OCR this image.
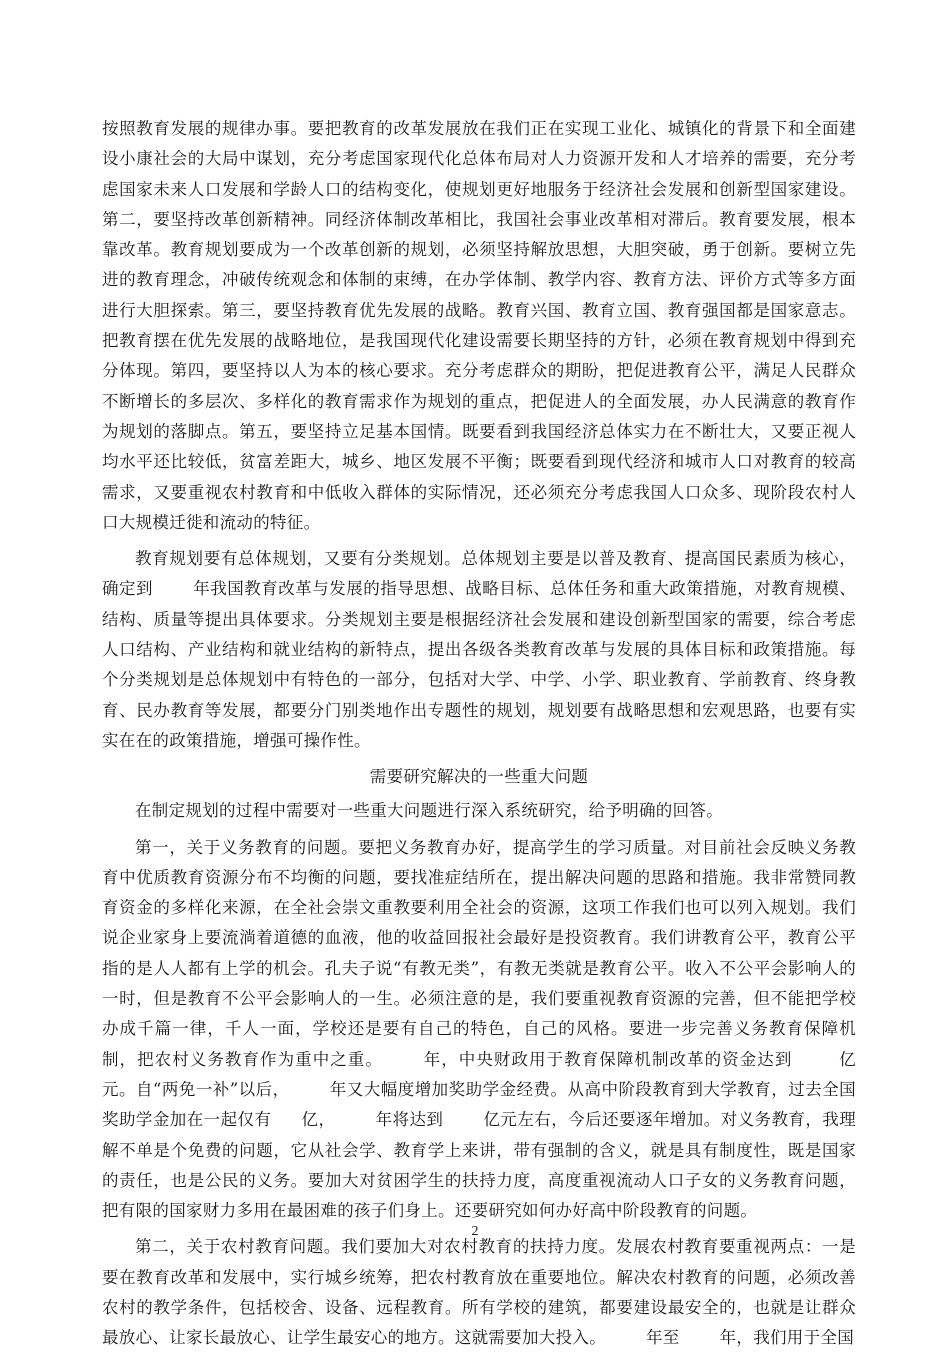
按照教育发展的规律办事。要把教育的改革发展放在我们正在实现工业化、城镇化的背景下和全面建设小康社会的大局中谋划，充分考虑国家现代化总体布局对人力资源开发和人才培养的需要，充分考虑国家未来人口发展和学龄人口的结构变化，使规划更好地服务于经济社会发展和创新型国家建设。第二，要坚持改革创新精神。同经济体制改革相比，我国社会事业改革相对滞后。教育要发展，根本靠改革。教育规划要成为一个改革创新的规划，必须坚持解放思想，大胆突破，勇于创新。要树立先进的教育理念，冲破传统观念和体制的束缚，在办学体制、教学内容、教育方法、评价方式等多方面进行大胆探索。第三，要坚持教育优先发展的战略。教育兴国、教育立国、教育强国都是国家意志。把教育摆在优先发展的战略地位，是我国现代化建设需要长期坚持的方针，必须在教育规划中得到充分体现。第四，要坚持以人为本的核心要求。充分考虑群众的期盼，把促进教育公平，满足人民群众不断增长的多层次、多样化的教育需求作为规划的重点，把促进人的全面发展，办人民满意的教育作为规划的落脚点。第五，要坚持立足基本国情。既要看到我国经济总体实力在不断壮大，又要正视人均水平还比较低，贫富差距大，城乡、地区发展不平衡；既要看到现代经济和城市人口对教育的较高需求，又要重视农村教育和中低收入群体的实际情况，还必须充分考虑我国人口众多、现阶段农村人口大规模迁徙和流动的特征。

教育规划要有总体规划，又要有分类规划。总体规划主要是以普及教育、提高国民素质为核心，确定到 年我国教育改革与发展的指导思想、战略目标、总体任务和重大政策措施，对教育规模、结构、质量等提出具体要求。分类规划主要是根据经济社会发展和建设创新型国家的需要，综合考虑人口结构、产业结构和就业结构的新特点，提出各级各类教育改革与发展的具体目标和政策措施。每个分类规划是总体规划中有特色的一部分，包括对大学、中学、小学、职业教育、学前教育、终身教育、民办教育等发展，都要分门别类地作出专题性的规划，规划要有战略思想和宏观思路，也要有实实在在的政策措施，增强可操作性。

需要研究解决的一些重大问题

在制定规划的过程中需要对一些重大问题进行深入系统研究，给予明确的回答。

第一，关于义务教育的问题。要把义务教育办好，提高学生的学习质量。对目前社会反映义务教育中优质教育资源分布不均衡的问题，要找准症结所在，提出解决问题的思路和措施。我非常赞同教育资金的多样化来源，在全社会崇文重教要利用全社会的资源，这项工作我们也可以列入规划。我们说企业家身上要流淌着道德的血液，他的收益回报社会最好是投资教育。我们讲教育公平，教育公平指的是人人都有上学的机会。孔夫子说“有教无类”，有教无类就是教育公平。收入不公平会影响人的一时，但是教育不公平会影响人的一生。必须注意的是，我们要重视教育资源的完善，但不能把学校办成千篇一律，千人一面，学校还是要有自己的特色，自己的风格。要进一步完善义务教育保障机制，把农村义务教育作为重中之重。 年，中央财政用于教育保障机制改革的资金达到	亿元。自“两免一补”以后， 年又大幅度增加奖助学金经费。从高中阶段教育到大学教育，过去全国奖助学金加在一起仅有 亿， 年将达到 亿元左右，今后还要逐年增加。对义务教育，我理解不单是个免费的问题，它从社会学、教育学上来讲，带有强制的含义，就是具有制度性，既是国家的责任，也是公民的义务。要加大对贫困学生的扶持力度，高度重视流动人口子女的义务教育问题，把有限的国家财力多用在最困难的孩子们身上。还要研究如何办好高中阶段教育的问题。

第二，关于农村教育问题。我们要加大对农村教育的扶持力度。发展农村教育要重视两点：一是要在教育改革和发展中，实行城乡统筹，把农村教育放在重要地位。解决农村教育的问题，必须改善农村的教学条件，包括校舍、设备、远程教育。所有学校的建筑，都要建设最安全的，也就是让群众最放心、让家长最放心、让学生最安心的地方。这就需要加大投入。 年至 年，我们用于全国

2
